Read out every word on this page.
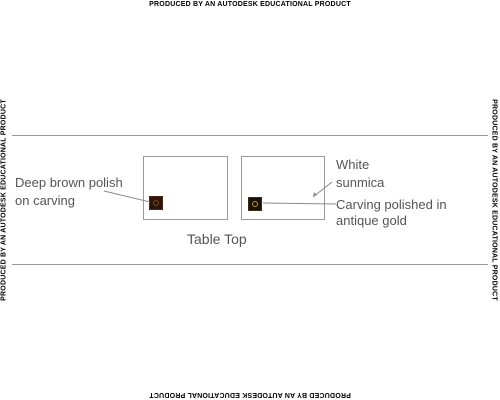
PRODUCED BY AN AUTODESK EDUCATIONAL PRODUCT
PRODUCED BY AN AUTODESK EDUCATIONAL PRODUCT
PRODUCED BY AN AUTODESK EDUCATIONAL PRODUCT	PRODUCED BY AN AUTODESK EDUCATIONAL PRODUCT
Deep brown polish
on carving
White
sunmica
Carving polished in
antique gold
Table Top
